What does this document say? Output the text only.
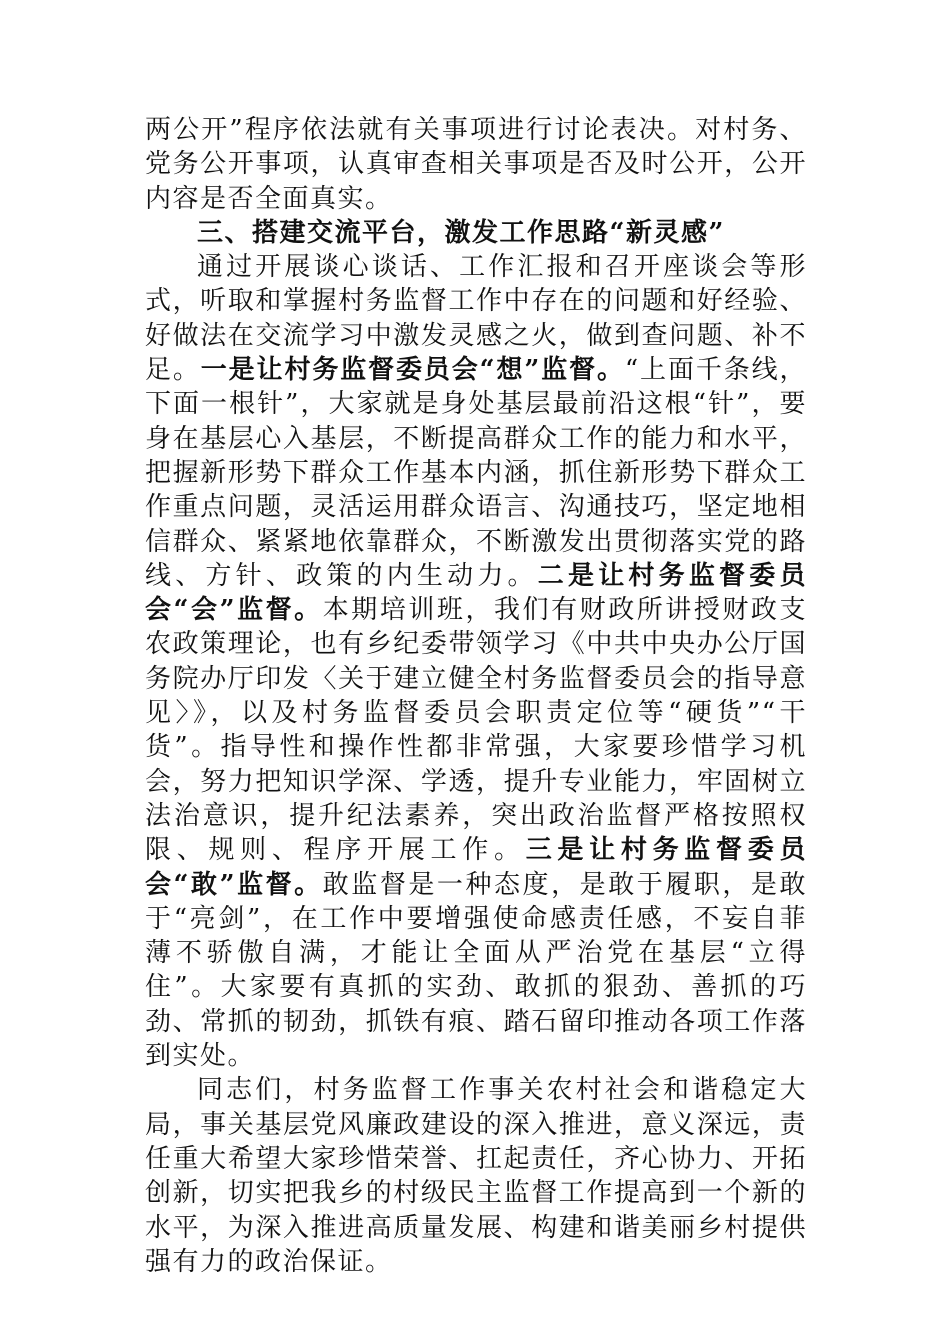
两公开”程序依法就有关事项进行讨论表决。对村务、党务公开事项，认真审查相关事项是否及时公开，公开内容是否全面真实。

三、搭建交流平台，激发工作思路“新灵感”

通过开展谈心谈话、工作汇报和召开座谈会等形式，听取和掌握村务监督工作中存在的问题和好经验、好做法在交流学习中激发灵感之火，做到查问题、补不足。一是让村务监督委员会“想”监督。“上面千条线，下面一根针”，大家就是身处基层最前沿这根“针”，要身在基层心入基层，不断提高群众工作的能力和水平，把握新形势下群众工作基本内涵，抓住新形势下群众工作重点问题，灵活运用群众语言、沟通技巧，坚定地相信群众、紧紧地依靠群众，不断激发出贯彻落实党的路线、方针、政策的内生动力。二是让村务监督委员会“会”监督。本期培训班，我们有财政所讲授财政支农政策理论，也有乡纪委带领学习《中共中央办公厅国务院办厅印发〈关于建立健全村务监督委员会的指导意见〉》，以及村务监督委员会职责定位等“硬货”“干货”。指导性和操作性都非常强，大家要珍惜学习机会，努力把知识学深、学透，提升专业能力，牢固树立法治意识，提升纪法素养，突出政治监督严格按照权限、规则、程序开展工作。三是让村务监督委员会“敢”监督。敢监督是一种态度，是敢于履职，是敢于“亮剑”，在工作中要增强使命感责任感，不妄自菲薄不骄傲自满，才能让全面从严治党在基层“立得住”。大家要有真抓的实劲、敢抓的狠劲、善抓的巧劲、常抓的韧劲，抓铁有痕、踏石留印推动各项工作落到实处。

同志们，村务监督工作事关农村社会和谐稳定大局，事关基层党风廉政建设的深入推进，意义深远，责任重大希望大家珍惜荣誉、扛起责任，齐心协力、开拓创新，切实把我乡的村级民主监督工作提高到一个新的水平，为深入推进高质量发展、构建和谐美丽乡村提供强有力的政治保证。
